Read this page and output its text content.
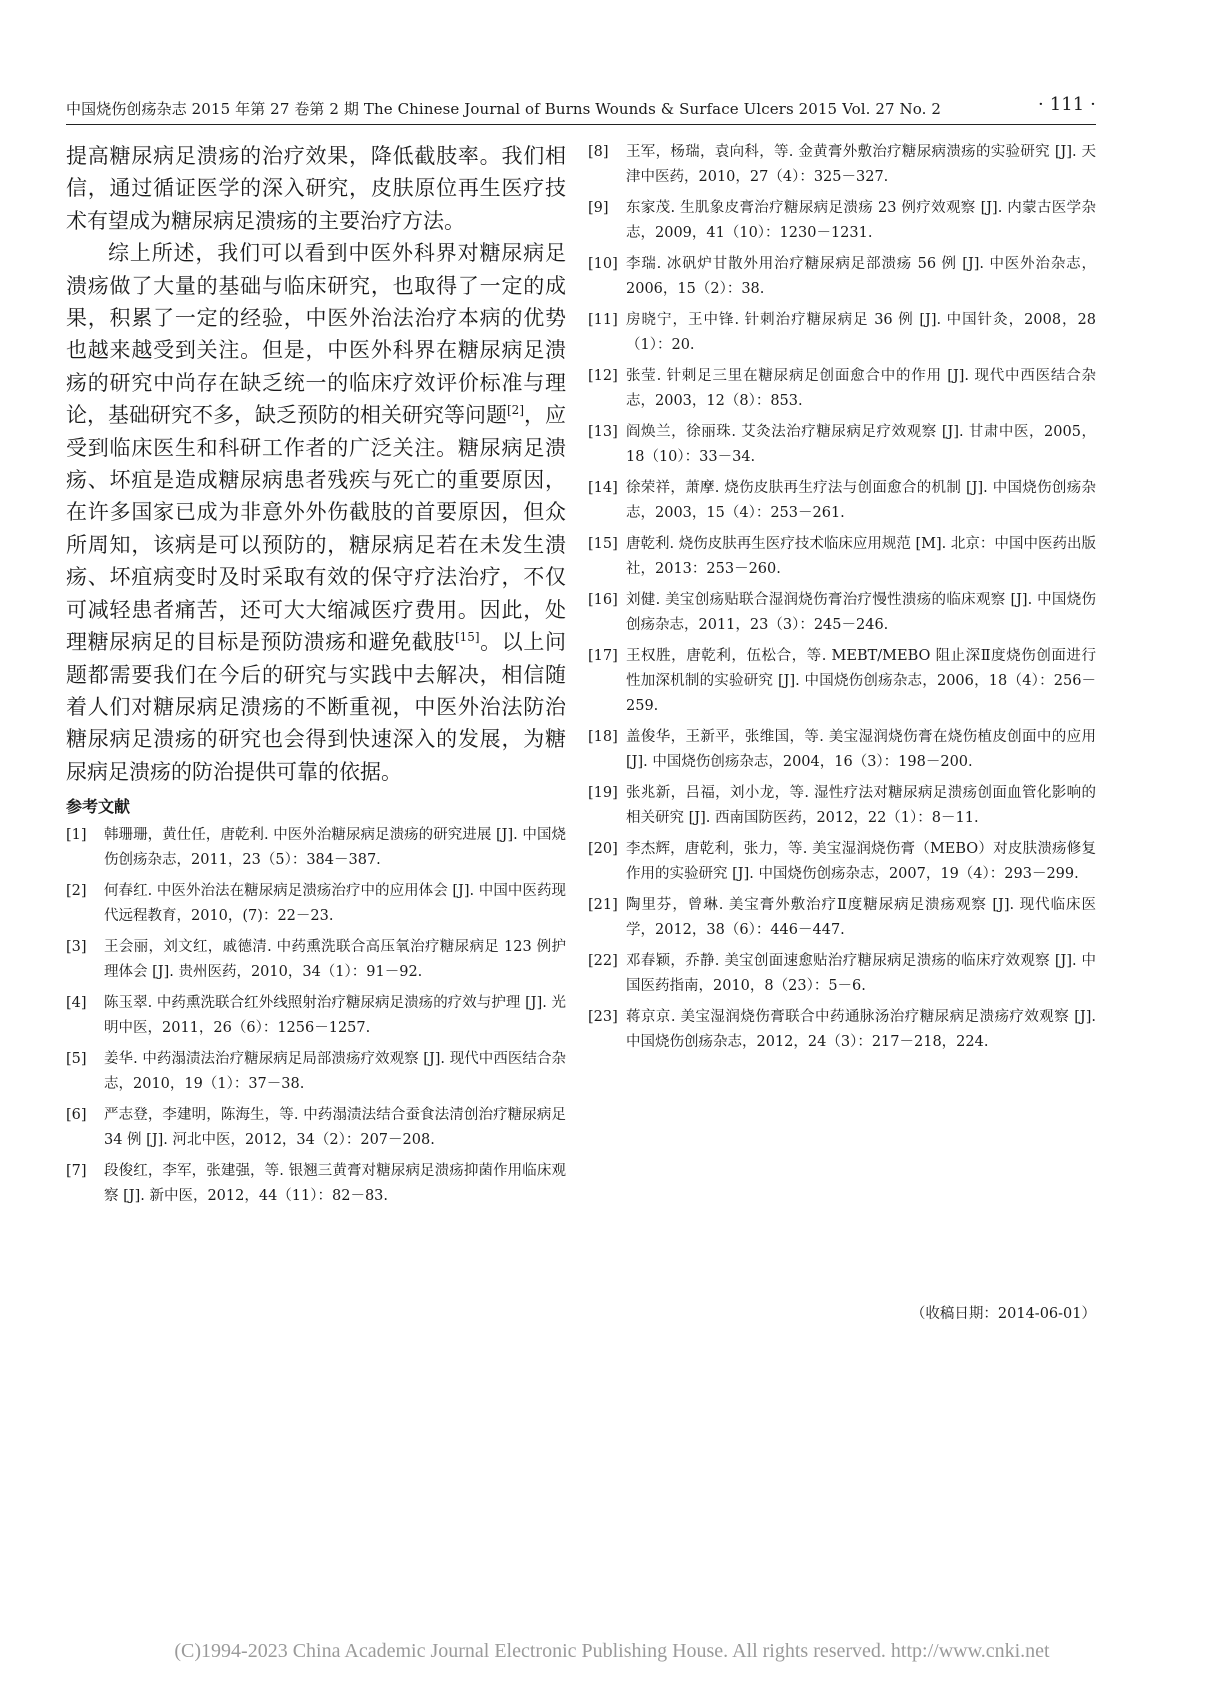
中国烧伤创疡杂志 2015 年第 27 卷第 2 期 The Chinese Journal of Burns Wounds & Surface Ulcers 2015 Vol. 27 No. 2	· 111 ·

提高糖尿病足溃疡的治疗效果，降低截肢率。我们相信，通过循证医学的深入研究，皮肤原位再生医疗技术有望成为糖尿病足溃疡的主要治疗方法。

综上所述，我们可以看到中医外科界对糖尿病足溃疡做了大量的基础与临床研究，也取得了一定的成果，积累了一定的经验，中医外治法治疗本病的优势也越来越受到关注。但是，中医外科界在糖尿病足溃疡的研究中尚存在缺乏统一的临床疗效评价标准与理论，基础研究不多，缺乏预防的相关研究等问题[2]，应受到临床医生和科研工作者的广泛关注。糖尿病足溃疡、坏疽是造成糖尿病患者残疾与死亡的重要原因，在许多国家已成为非意外外伤截肢的首要原因，但众所周知，该病是可以预防的，糖尿病足若在未发生溃疡、坏疽病变时及时采取有效的保守疗法治疗，不仅可减轻患者痛苦，还可大大缩减医疗费用。因此，处理糖尿病足的目标是预防溃疡和避免截肢[15]。以上问题都需要我们在今后的研究与实践中去解决，相信随着人们对糖尿病足溃疡的不断重视，中医外治法防治糖尿病足溃疡的研究也会得到快速深入的发展，为糖尿病足溃疡的防治提供可靠的依据。

参考文献
[1] 韩珊珊，黄仕任，唐乾利. 中医外治糖尿病足溃疡的研究进展 [J]. 中国烧伤创疡杂志，2011，23（5）：384－387.
[2] 何春红. 中医外治法在糖尿病足溃疡治疗中的应用体会 [J]. 中国中医药现代远程教育，2010，(7)：22－23.
[3] 王会丽，刘文红，戚德清. 中药熏洗联合高压氧治疗糖尿病足 123 例护理体会 [J]. 贵州医药，2010，34（1）：91－92.
[4] 陈玉翠. 中药熏洗联合红外线照射治疗糖尿病足溃疡的疗效与护理 [J]. 光明中医，2011，26（6）：1256－1257.
[5] 姜华. 中药溻渍法治疗糖尿病足局部溃疡疗效观察 [J]. 现代中西医结合杂志，2010，19（1）：37－38.
[6] 严志登，李建明，陈海生，等. 中药溻渍法结合蚕食法清创治疗糖尿病足 34 例 [J]. 河北中医，2012，34（2）：207－208.
[7] 段俊红，李军，张建强，等. 银翘三黄膏对糖尿病足溃疡抑菌作用临床观察 [J]. 新中医，2012，44（11）：82－83.
[8] 王军，杨瑞，袁向科，等. 金黄膏外敷治疗糖尿病溃疡的实验研究 [J]. 天津中医药，2010，27（4）：325－327.
[9] 东家茂. 生肌象皮膏治疗糖尿病足溃疡 23 例疗效观察 [J]. 内蒙古医学杂志，2009，41（10）：1230－1231.
[10] 李瑞. 冰矾炉甘散外用治疗糖尿病足部溃疡 56 例 [J]. 中医外治杂志，2006，15（2）：38.
[11] 房晓宁，王中锋. 针刺治疗糖尿病足 36 例 [J]. 中国针灸，2008，28（1）：20.
[12] 张莹. 针刺足三里在糖尿病足创面愈合中的作用 [J]. 现代中西医结合杂志，2003，12（8）：853.
[13] 阎焕兰，徐丽珠. 艾灸法治疗糖尿病足疗效观察 [J]. 甘肃中医，2005，18（10）：33－34.
[14] 徐荣祥，萧摩. 烧伤皮肤再生疗法与创面愈合的机制 [J]. 中国烧伤创疡杂志，2003，15（4）：253－261.
[15] 唐乾利. 烧伤皮肤再生医疗技术临床应用规范 [M]. 北京：中国中医药出版社，2013：253－260.
[16] 刘健. 美宝创疡贴联合湿润烧伤膏治疗慢性溃疡的临床观察 [J]. 中国烧伤创疡杂志，2011，23（3）：245－246.
[17] 王权胜，唐乾利，伍松合，等. MEBT/MEBO 阻止深Ⅱ度烧伤创面进行性加深机制的实验研究 [J]. 中国烧伤创疡杂志，2006，18（4）：256－259.
[18] 盖俊华，王新平，张维国，等. 美宝湿润烧伤膏在烧伤植皮创面中的应用 [J]. 中国烧伤创疡杂志，2004，16（3）：198－200.
[19] 张兆新，吕福，刘小龙，等. 湿性疗法对糖尿病足溃疡创面血管化影响的相关研究 [J]. 西南国防医药，2012，22（1）：8－11.
[20] 李杰辉，唐乾利，张力，等. 美宝湿润烧伤膏（MEBO）对皮肤溃疡修复作用的实验研究 [J]. 中国烧伤创疡杂志，2007，19（4）：293－299.
[21] 陶里芬，曾琳. 美宝膏外敷治疗Ⅱ度糖尿病足溃疡观察 [J]. 现代临床医学，2012，38（6）：446－447.
[22] 邓春颖，乔静. 美宝创面速愈贴治疗糖尿病足溃疡的临床疗效观察 [J]. 中国医药指南，2010，8（23）：5－6.
[23] 蒋京京. 美宝湿润烧伤膏联合中药通脉汤治疗糖尿病足溃疡疗效观察 [J]. 中国烧伤创疡杂志，2012，24（3）：217－218，224.
（收稿日期：2014-06-01）
(C)1994-2023 China Academic Journal Electronic Publishing House. All rights reserved. http://www.cnki.net
